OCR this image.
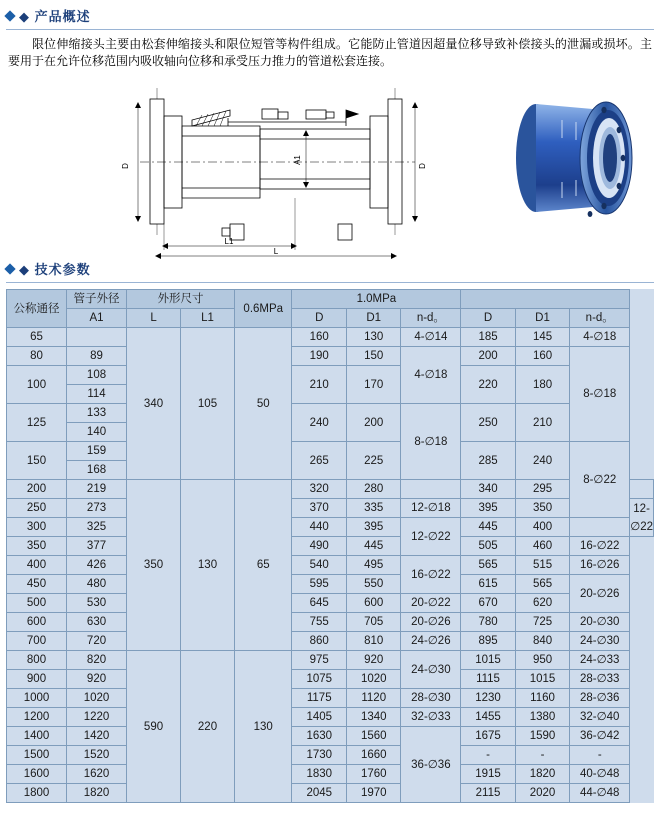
◆ 产品概述

限位伸缩接头主要由松套伸缩接头和限位短管等构件组成。它能防止管道因超量位移导致补偿接头的泄漏或损坏。主要用于在允许位移范围内吸收轴向位移和承受压力推力的管道松套连接。

D	D
A1
L1
L
◆ 技术参数
公称通径	管子外径	外形尺寸		0.6MPa	1.0MPa						
	A1	L	L1		D	D1	n-d。	D	D1	n-d。	
65		340	105	50	160	130	4-∅14	185	145	4-∅18	
80	89				190	150	4-∅18	200	160	8-∅18	
100	108				210	170		220	180		
	114										
125	133				240	200	8-∅18	250	210		
	140										
150	159				265	225		285	240	8-∅22	
	168										
200	219	350	130	65	320	280		340	295		
250	273				370	335	12-∅18	395	350		12-∅22
300	325				440	395	12-∅22	445	400		
350	377				490	445		505	460	16-∅22	
400	426				540	495	16-∅22	565	515	16-∅26	
450	480				595	550		615	565	20-∅26	
500	530				645	600	20-∅22	670	620		
600	630				755	705	20-∅26	780	725	20-∅30	
700	720				860	810	24-∅26	895	840	24-∅30	
800	820	590	220	130	975	920	24-∅30	1015	950	24-∅33	
900	920				1075	1020		1115	1015	28-∅33	
1000	1020				1175	1120	28-∅30	1230	1160	28-∅36	
1200	1220				1405	1340	32-∅33	1455	1380	32-∅40	
1400	1420				1630	1560	36-∅36	1675	1590	36-∅42	
1500	1520				1730	1660		-	-	-	
1600	1620				1830	1760		1915	1820	40-∅48	
1800	1820				2045	1970		2115	2020	44-∅48	
